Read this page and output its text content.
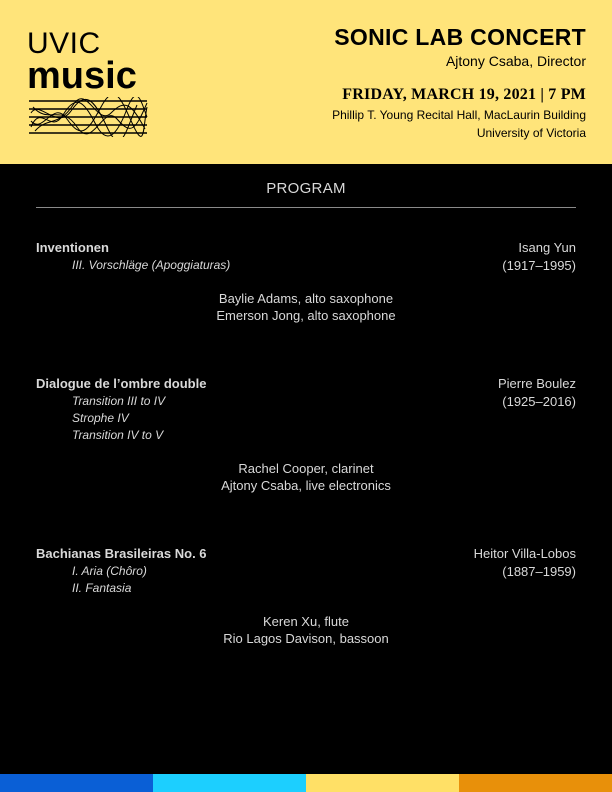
UVIC
music
SONIC LAB CONCERT
Ajtony Csaba, Director
FRIDAY, MARCH 19, 2021 | 7 PM
Phillip T. Young Recital Hall, MacLaurin Building
University of Victoria
PROGRAM
Inventionen	Isang Yun
III. Vorschläge (Apoggiaturas)	(1917–1995)
Baylie Adams, alto saxophone
Emerson Jong, alto saxophone
Dialogue de l’ombre double	Pierre Boulez
Transition III to IV	(1925–2016)
Strophe IV
Transition IV to V
Rachel Cooper, clarinet
Ajtony Csaba, live electronics
Bachianas Brasileiras No. 6	Heitor Villa-Lobos
I. Aria (Chôro)	(1887–1959)
II. Fantasia
Keren Xu, flute
Rio Lagos Davison, bassoon
